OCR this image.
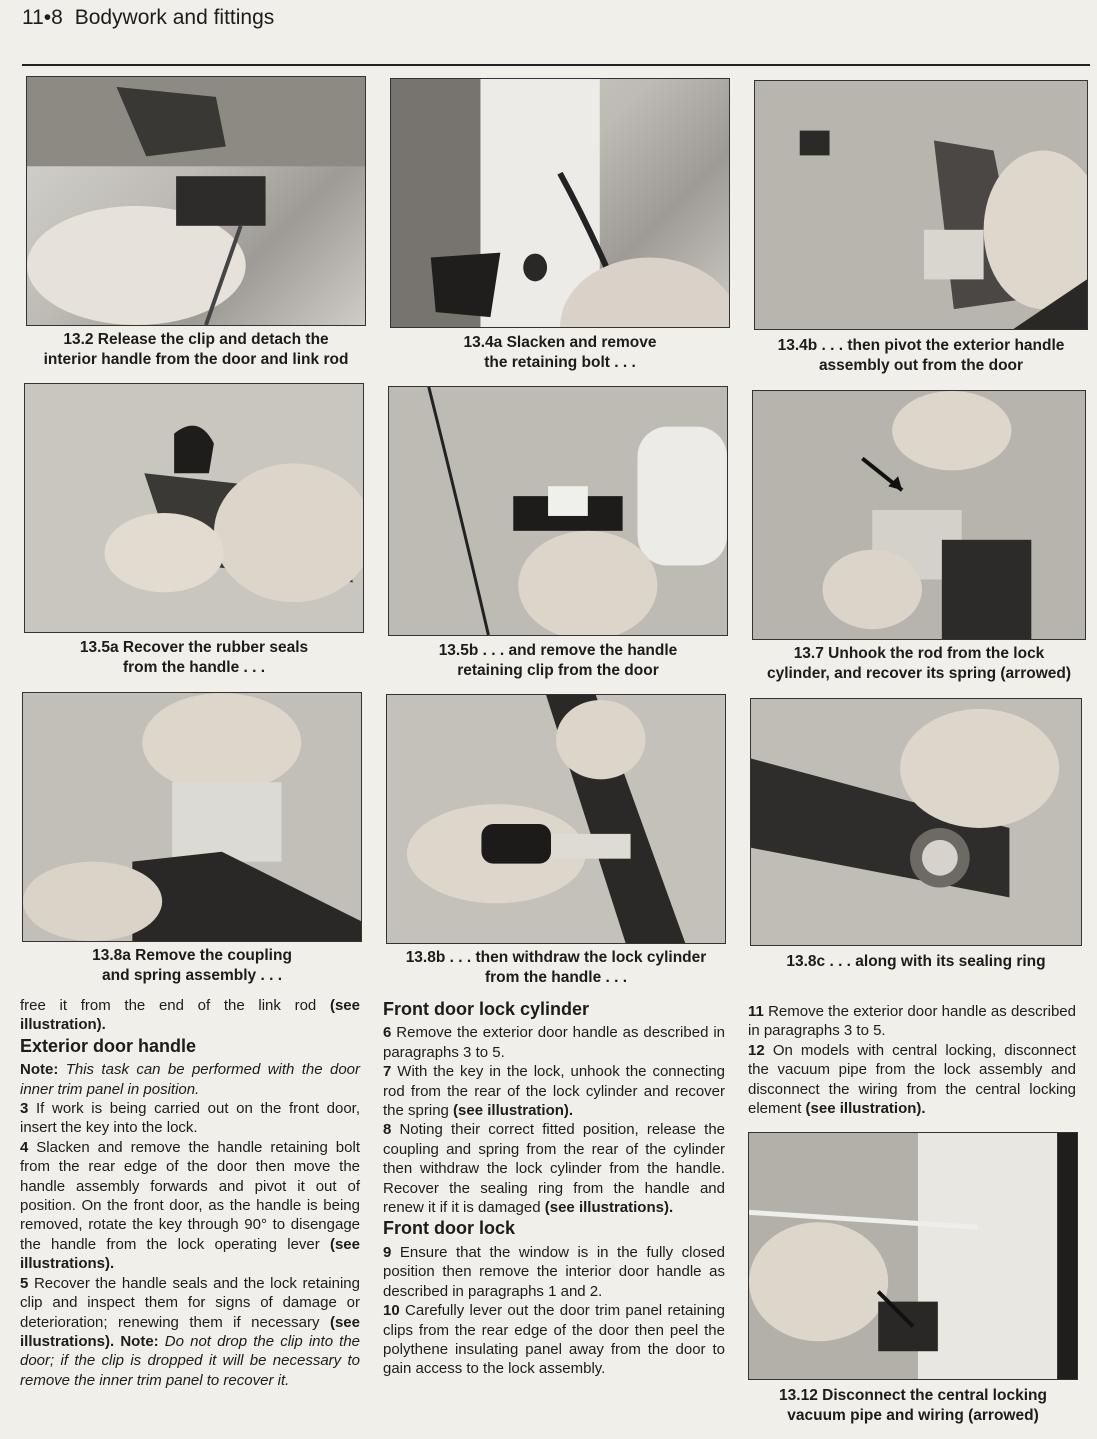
11•8 Bodywork and fittings
13.2 Release the clip and detach the
interior handle from the door and link rod
13.4a Slacken and remove
the retaining bolt . . .
13.4b . . . then pivot the exterior handle
assembly out from the door
13.5a Recover the rubber seals
from the handle . . .
13.5b . . . and remove the handle
retaining clip from the door
13.7 Unhook the rod from the lock
cylinder, and recover its spring (arrowed)
13.8a Remove the coupling
and spring assembly . . .
13.8b . . . then withdraw the lock cylinder
from the handle . . .
13.8c . . . along with its sealing ring
13.12 Disconnect the central locking
vacuum pipe and wiring (arrowed)

free it from the end of the link rod (see illustration).

Exterior door handle

Note: This task can be performed with the door inner trim panel in position.

3 If work is being carried out on the front door, insert the key into the lock.

4 Slacken and remove the handle retaining bolt from the rear edge of the door then move the handle assembly forwards and pivot it out of position. On the front door, as the handle is being removed, rotate the key through 90° to disengage the handle from the lock operating lever (see illustrations).

5 Recover the handle seals and the lock retaining clip and inspect them for signs of damage or deterioration; renewing them if necessary (see illustrations). Note: Do not drop the clip into the door; if the clip is dropped it will be necessary to remove the inner trim panel to recover it.

Front door lock cylinder

6 Remove the exterior door handle as described in paragraphs 3 to 5.

7 With the key in the lock, unhook the connecting rod from the rear of the lock cylinder and recover the spring (see illustration).

8 Noting their correct fitted position, release the coupling and spring from the rear of the cylinder then withdraw the lock cylinder from the handle. Recover the sealing ring from the handle and renew it if it is damaged (see illustrations).

Front door lock

9 Ensure that the window is in the fully closed position then remove the interior door handle as described in paragraphs 1 and 2.

10 Carefully lever out the door trim panel retaining clips from the rear edge of the door then peel the polythene insulating panel away from the door to gain access to the lock assembly.

11 Remove the exterior door handle as described in paragraphs 3 to 5.

12 On models with central locking, disconnect the vacuum pipe from the lock assembly and disconnect the wiring from the central locking element (see illustration).
